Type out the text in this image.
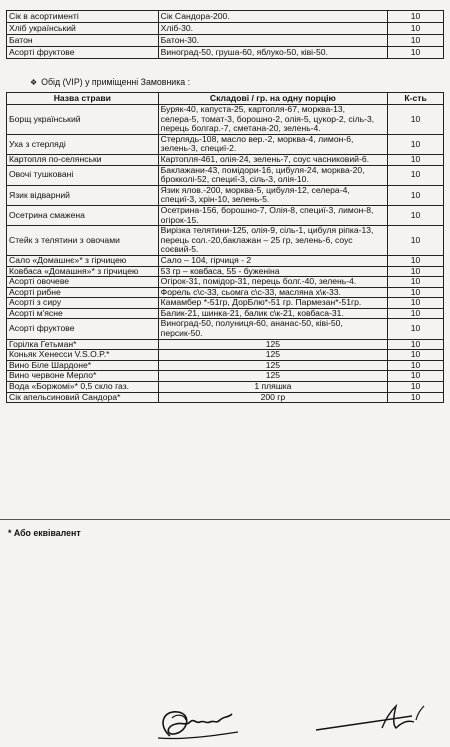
Сік в асортименті	Сік Сандора-200.	10
Хліб український	Хліб-30.	10
Батон	Батон-30.	10
Асорті фруктове	Виноград-50, груша-60, яблуко-50, ківі-50.	10
❖ Обід (VIP) у приміщенні Замовника :
Назва страви	Складові / гр. на одну порцію	К-сть
Борщ український	Буряк-40, капуста-25, картопля-67, морква-13, селера-5, томат-3, борошно-2, олія-5, цукор-2, сіль-3, перець болгар.-7, сметана-20, зелень-4.	10
Уха з стерляді	Стерлядь-108, масло вер.-2, морква-4, лимон-6, зелень-3, специї-2.	10
Картопля по-селянськи	Картопля-461, олія-24, зелень-7, соус часниковий-6.	10
Овочі тушковані	Баклажани-43, помідори-16, цибуля-24, морква-20, брокколі-52, специї-3, сіль-3, олія-10.	10
Язик відварний	Язик ялов.-200, морква-5, цибуля-12, селера-4, специї-3, хрін-10, зелень-5.	10
Осетрина смажена	Осетрина-156, борошно-7, Олія-8, специї-3, лимон-8, огірок-15.	10
Стейк з телятини з овочами	Вирізка телятини-125, олія-9, сіль-1, цибуля ріпка-13, перець сол.-20,баклажан – 25 гр, зелень-6, соус соєвий-5.	10
Сало «Домашнє»* з гірчицею	Сало – 104, гірчиця - 2	10
Ковбаса «Домашня»* з гірчицею	53 гр – ковбаса, 55 - буженіна	10
Асорті овочеве	Огірок-31, помідор-31, перець болг.-40, зелень-4.	10
Асорті рибне	Форель с\с-33, сьомга с\с-33, масляна х\к-33.	10
Асорті з сиру	Камамбер *-51гр, ДорБлю*-51 гр. Пармезан*-51гр.	10
Асорті м'ясне	Балик-21, шинка-21, балик с\к-21, ковбаса-31.	10
Асорті фруктове	Виноград-50, полуниця-60, ананас-50, ківі-50, персик-50.	10
Горілка Гетьман*	125	10
Коньяк Хенесси V.S.O.P.*	125	10
Вино Біле Шардоне*	125	10
Вино червоне Мерло*	125	10
Вода «Боржомі»* 0,5 скло газ.	1 пляшка	10
Сік апельсиновий Сандора*	200 гр	10
* Або еквівалент
